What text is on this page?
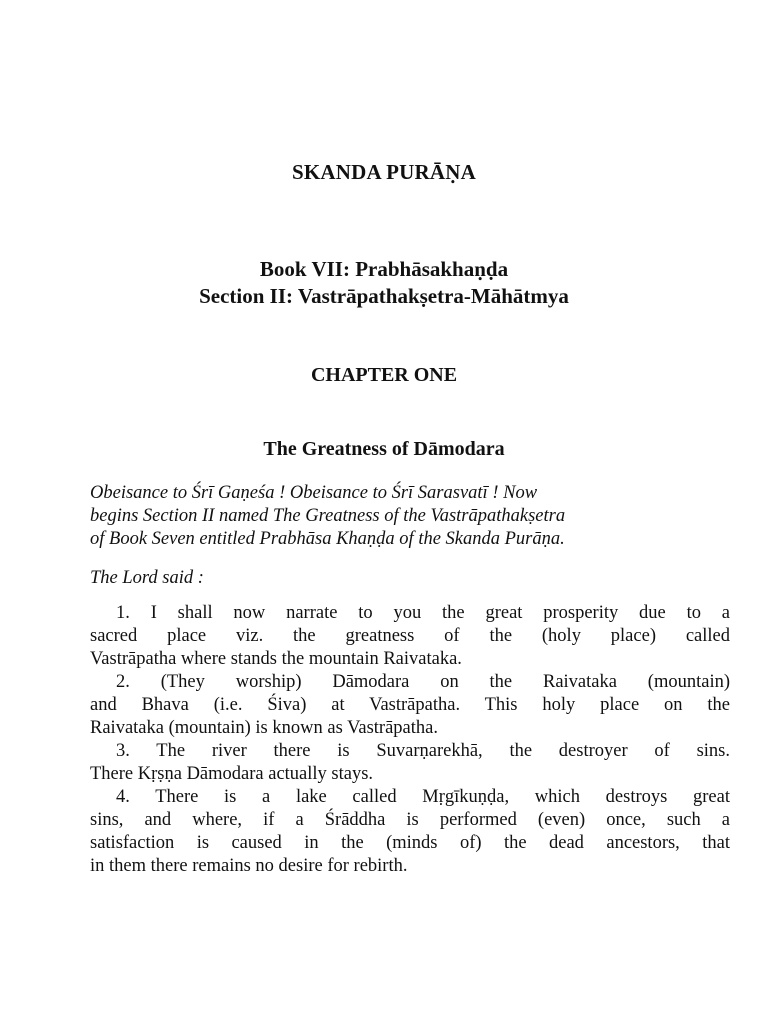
SKANDA PURĀṆA
Book VII: Prabhāsakhaṇḍa
Section II: Vastrāpathakṣetra-Māhātmya
CHAPTER ONE
The Greatness of Dāmodara
Obeisance to Śrī Gaṇeśa ! Obeisance to Śrī Sarasvatī ! Now
begins Section II named The Greatness of the Vastrāpathakṣetra
of Book Seven entitled Prabhāsa Khaṇḍa of the Skanda Purāṇa.
The Lord said :
1. I shall now narrate to you the great prosperity due to a
sacred place viz. the greatness of the (holy place) called
Vastrāpatha where stands the mountain Raivataka.
2. (They worship) Dāmodara on the Raivataka (mountain)
and Bhava (i.e. Śiva) at Vastrāpatha. This holy place on the
Raivataka (mountain) is known as Vastrāpatha.
3. The river there is Suvarṇarekhā, the destroyer of sins.
There Kṛṣṇa Dāmodara actually stays.
4. There is a lake called Mṛgīkuṇḍa, which destroys great
sins, and where, if a Śrāddha is performed (even) once, such a
satisfaction is caused in the (minds of) the dead ancestors, that
in them there remains no desire for rebirth.
